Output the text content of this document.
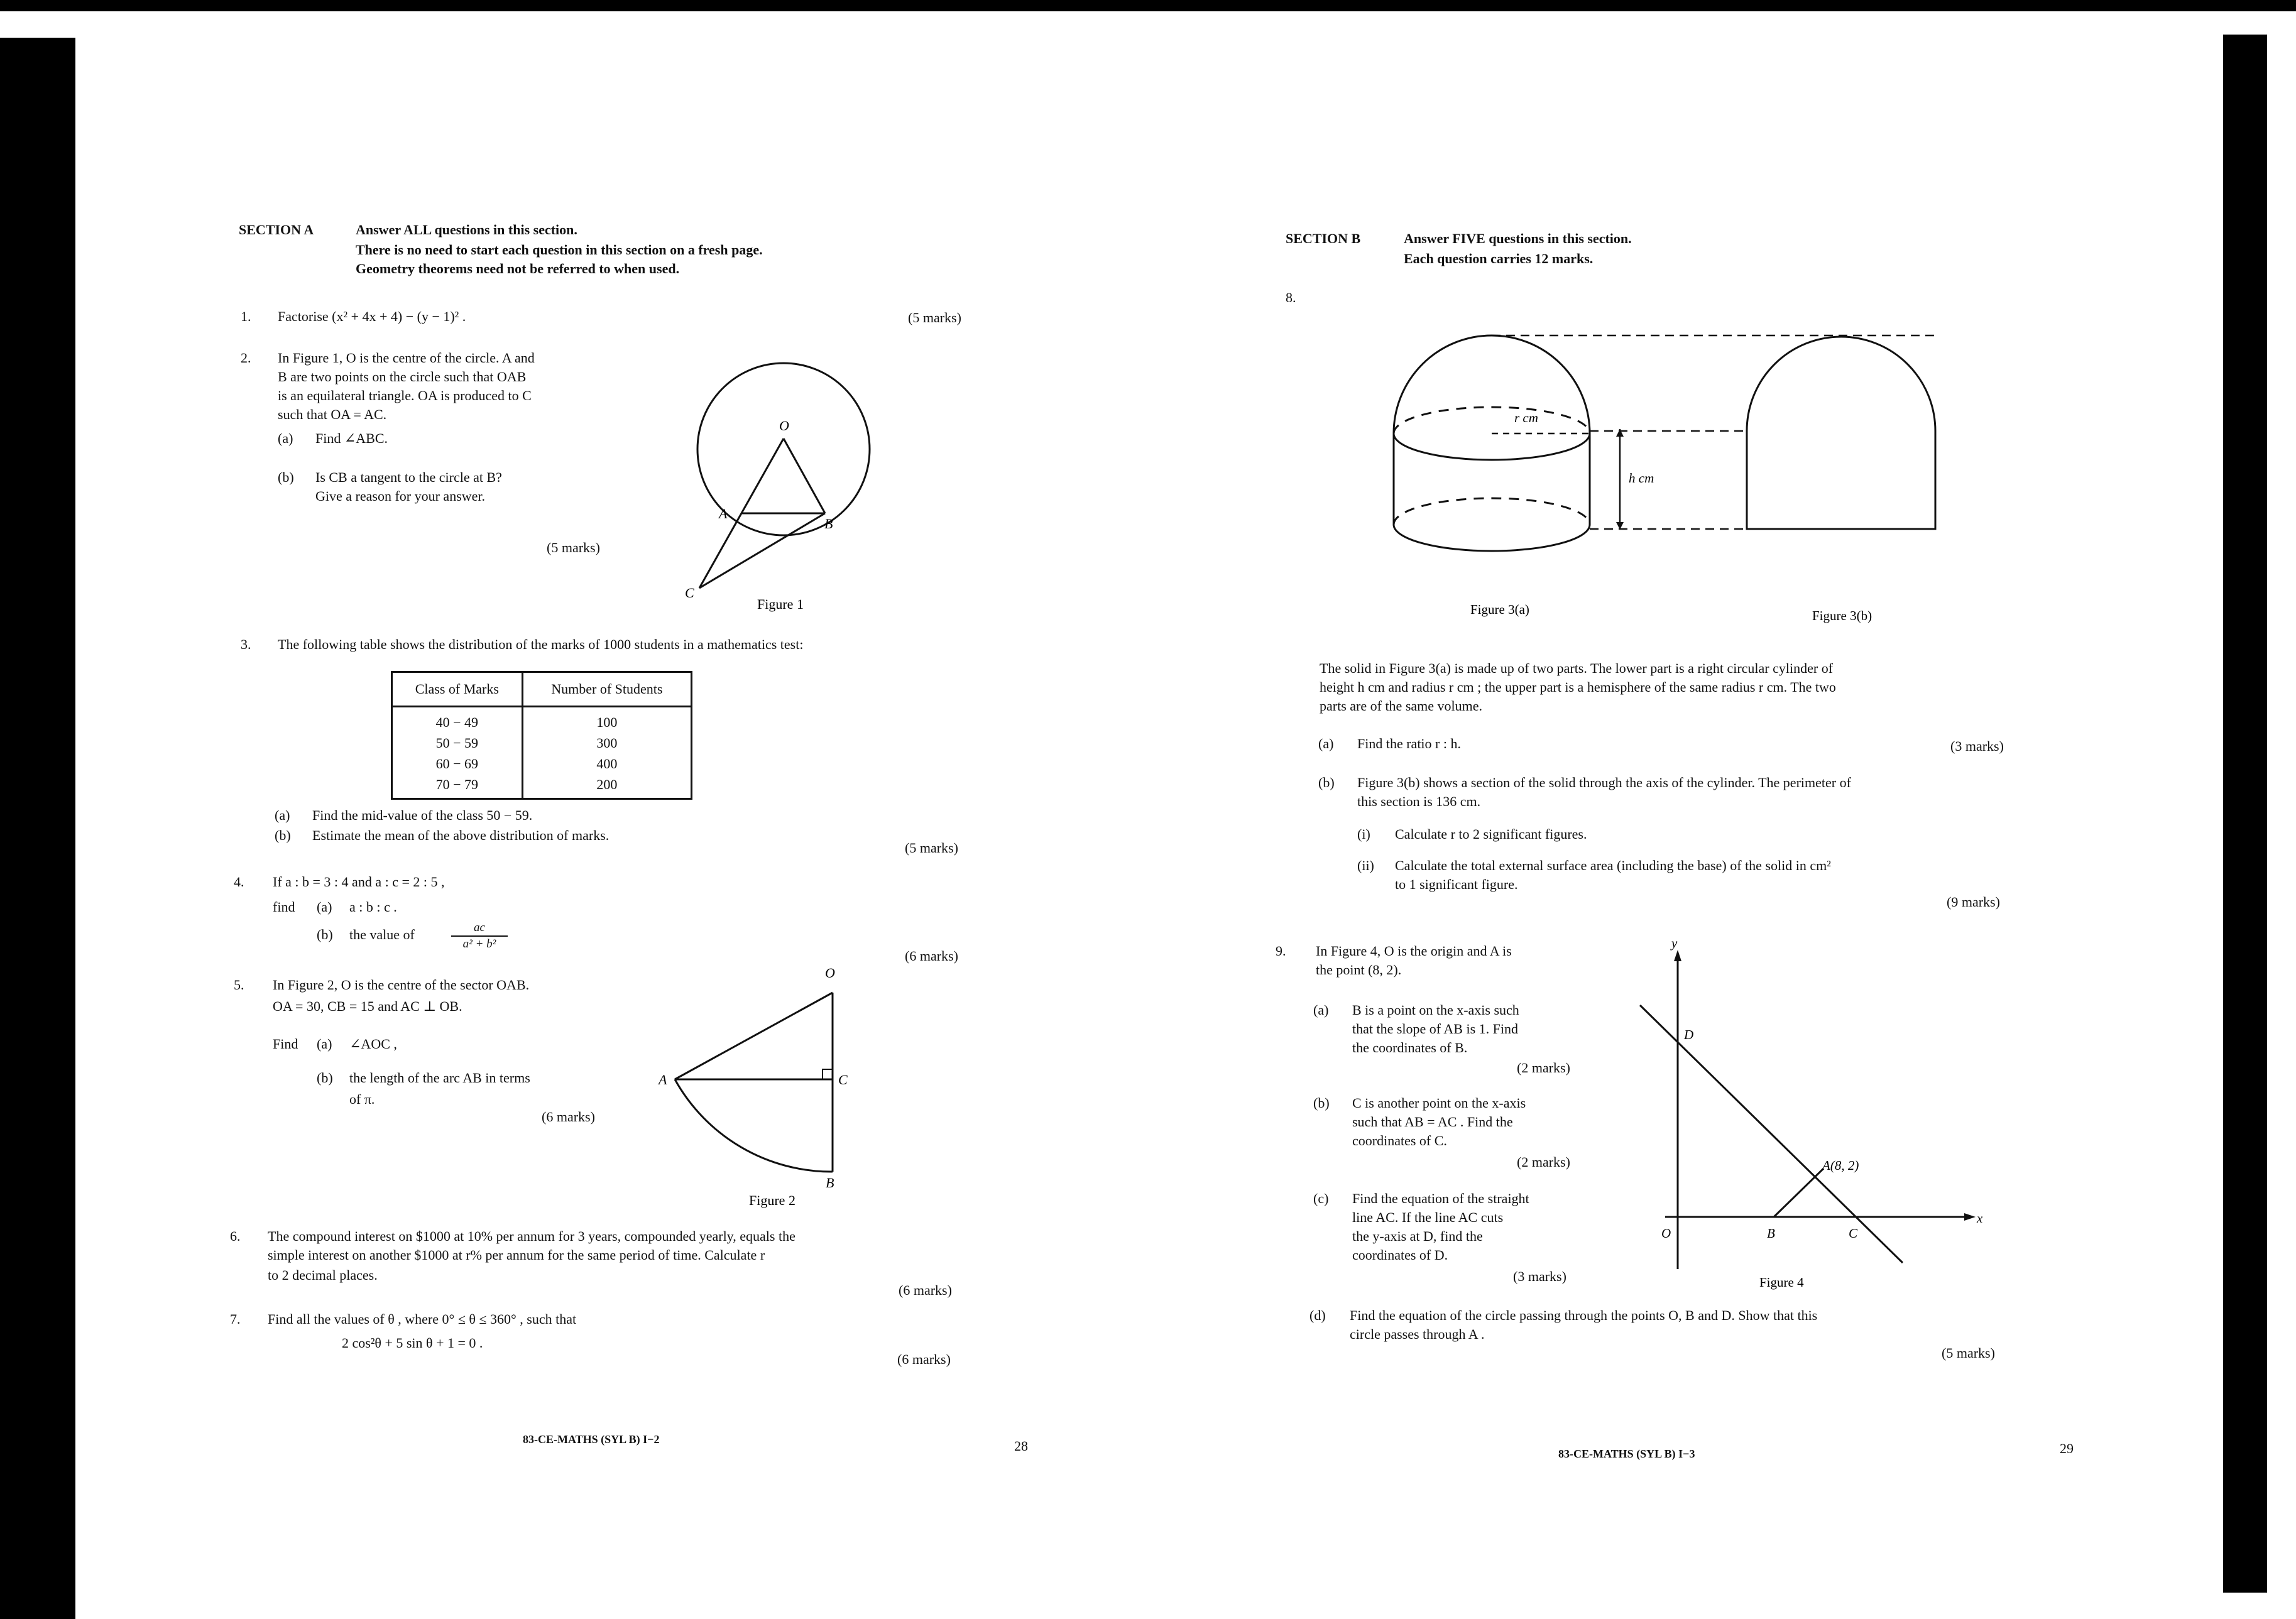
SECTION A	Answer ALL questions in this section.
There is no need to start each question in this section on a fresh page.
Geometry theorems need not be referred to when used.
1. Factorise (x² + 4x + 4) − (y − 1)² .	(5 marks)
2. In Figure 1, O is the centre of the circle. A and
B are two points on the circle such that OAB
is an equilateral triangle. OA is produced to C
such that OA = AC.
(a) Find ∠ABC.
(b) Is CB a tangent to the circle at B?
Give a reason for your answer.
(5 marks)
O
A
B
C
Figure 1
3. The following table shows the distribution of the marks of 1000 students in a mathematics test:
Class of Marks	Number of Students
40 − 49	100
50 − 59	300
60 − 69	400
70 − 79	200
(a) Find the mid-value of the class 50 − 59.
(b) Estimate the mean of the above distribution of marks.
(5 marks)
4. If a : b = 3 : 4 and a : c = 2 : 5 ,
find (a) a : b : c .
(b) the value of	$\frac{ac}{\text{a² + b²}}$
(6 marks)
5. In Figure 2, O is the centre of the sector OAB.
OA = 30, CB = 15 and AC ⊥ OB.
Find (a) ∠AOC ,
(b) the length of the arc AB in terms
of π.
(6 marks)
O
A	C
B
Figure 2
6. The compound interest on $1000 at 10% per annum for 3 years, compounded yearly, equals the
simple interest on another $1000 at r% per annum for the same period of time. Calculate r
to 2 decimal places.
(6 marks)
7. Find all the values of θ , where 0° ≤ θ ≤ 360° , such that
2 cos²θ + 5 sin θ + 1 = 0 .
(6 marks)
83-CE-MATHS (SYL B) I−2	28
SECTION B	Answer FIVE questions in this section.
Each question carries 12 marks.
8.
r cm
h cm
Figure 3(a)	Figure 3(b)
The solid in Figure 3(a) is made up of two parts. The lower part is a right circular cylinder of
height h cm and radius r cm ; the upper part is a hemisphere of the same radius r cm. The two
parts are of the same volume.
(a) Find the ratio r : h.	(3 marks)
(b) Figure 3(b) shows a section of the solid through the axis of the cylinder. The perimeter of
this section is 136 cm.
(i) Calculate r to 2 significant figures.
(ii) Calculate the total external surface area (including the base) of the solid in cm²
to 1 significant figure.
(9 marks)
9. In Figure 4, O is the origin and A is
the point (8, 2).
(a) B is a point on the x-axis such
that the slope of AB is 1. Find
the coordinates of B.
(2 marks)
(b) C is another point on the x-axis
such that AB = AC . Find the
coordinates of C.
(2 marks)
(c) Find the equation of the straight
line AC. If the line AC cuts
the y-axis at D, find the
coordinates of D.
(3 marks)
y
x
O	B	C
D
A(8, 2)
Figure 4
(d) Find the equation of the circle passing through the points O, B and D. Show that this
circle passes through A .
(5 marks)
83-CE-MATHS (SYL B) I−3	29
